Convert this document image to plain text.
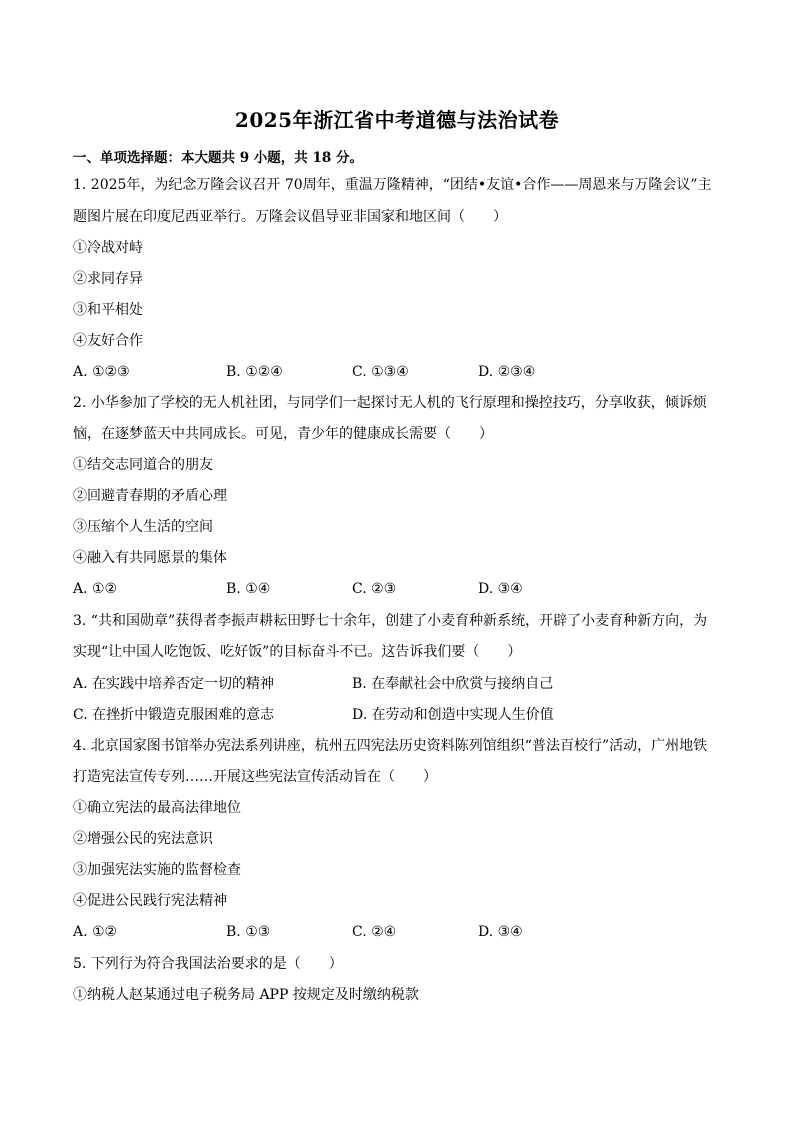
2025年浙江省中考道德与法治试卷
一、单项选择题：本大题共 9 小题，共 18 分。
1. 2025年，为纪念万隆会议召开 70周年，重温万隆精神，“团结•友谊•合作——周恩来与万隆会议”主
题图片展在印度尼西亚举行。万隆会议倡导亚非国家和地区间（　　）
①冷战对峙
②求同存异
③和平相处
④友好合作
A. ①②③	B. ①②④	C. ①③④	D. ②③④
2. 小华参加了学校的无人机社团，与同学们一起探讨无人机的飞行原理和操控技巧，分享收获，倾诉烦
恼，在逐梦蓝天中共同成长。可见，青少年的健康成长需要（　　）
①结交志同道合的朋友
②回避青春期的矛盾心理
③压缩个人生活的空间
④融入有共同愿景的集体
A. ①②	B. ①④	C. ②③	D. ③④
3. “共和国勋章”获得者李振声耕耘田野七十余年，创建了小麦育种新系统，开辟了小麦育种新方向，为
实现“让中国人吃饱饭、吃好饭”的目标奋斗不已。这告诉我们要（　　）
A. 在实践中培养否定一切的精神	B. 在奉献社会中欣赏与接纳自己
C. 在挫折中锻造克服困难的意志	D. 在劳动和创造中实现人生价值
4. 北京国家图书馆举办宪法系列讲座，杭州五四宪法历史资料陈列馆组织“普法百校行”活动，广州地铁
打造宪法宣传专列……开展这些宪法宣传活动旨在（　　）
①确立宪法的最高法律地位
②增强公民的宪法意识
③加强宪法实施的监督检查
④促进公民践行宪法精神
A. ①②	B. ①③	C. ②④	D. ③④
5. 下列行为符合我国法治要求的是（　　）
①纳税人赵某通过电子税务局 APP 按规定及时缴纳税款
